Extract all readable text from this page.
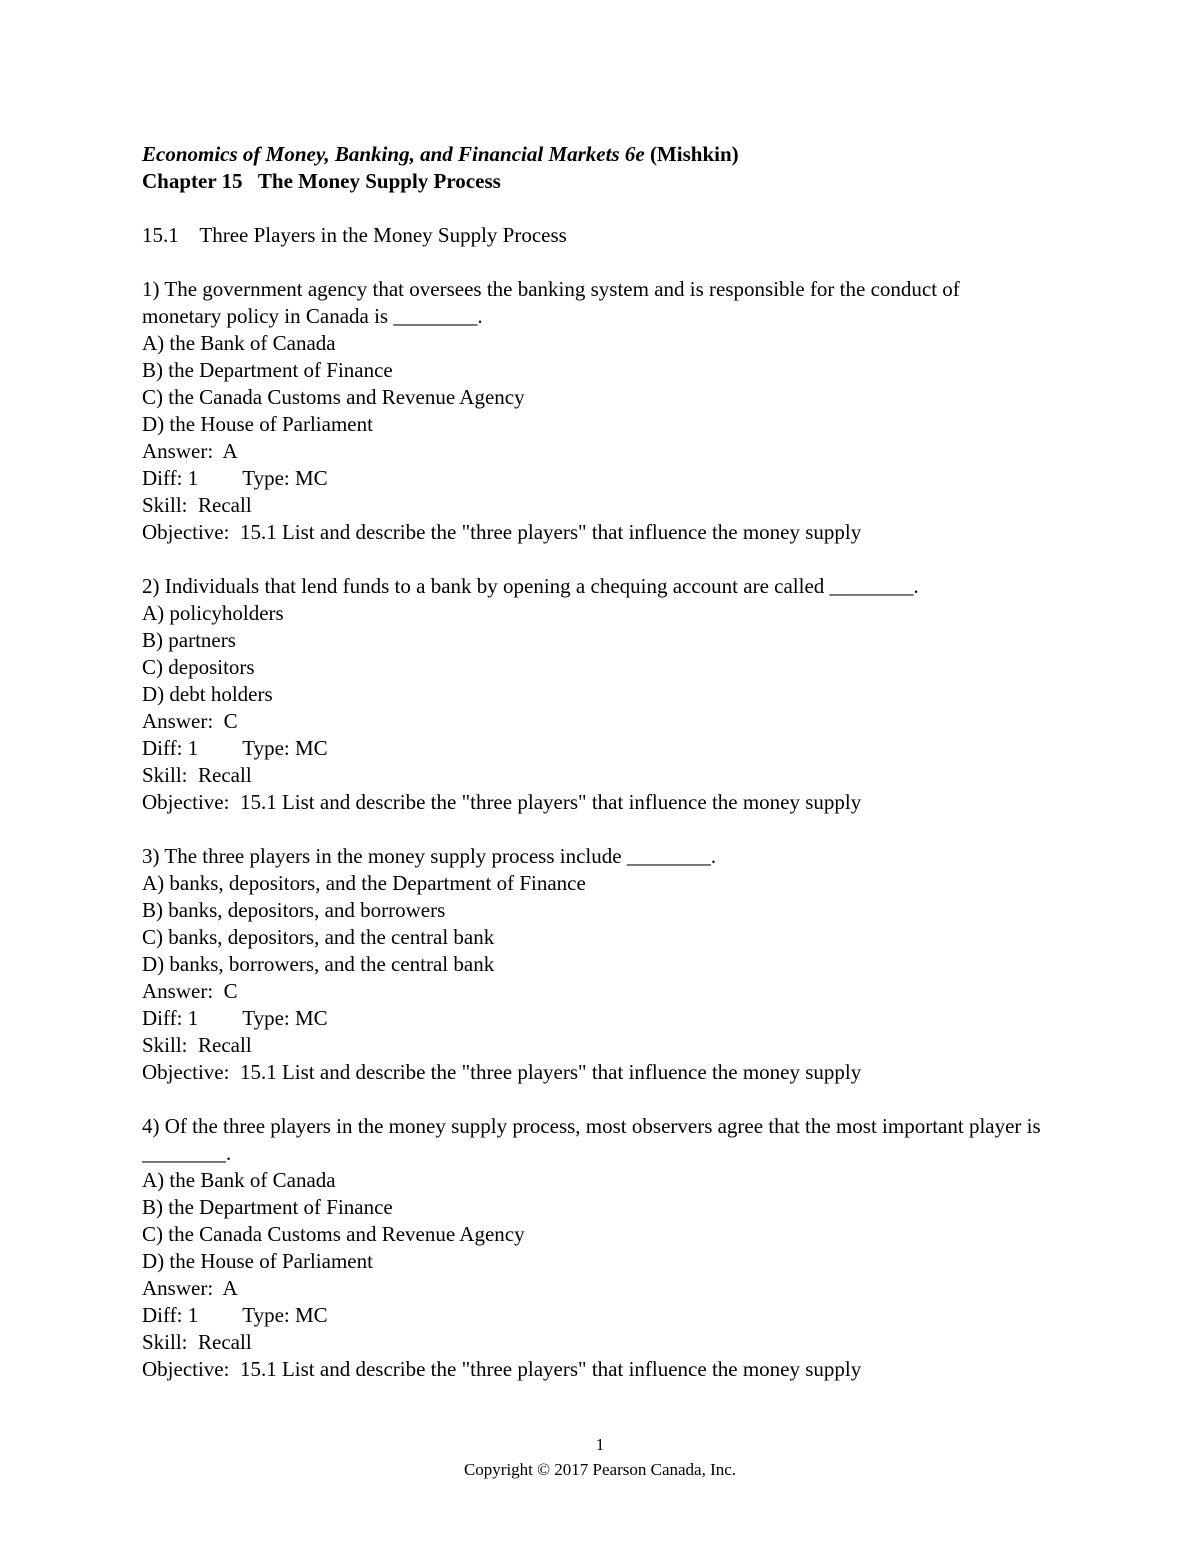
Economics of Money, Banking, and Financial Markets 6e (Mishkin)
Chapter 15   The Money Supply Process
15.1    Three Players in the Money Supply Process
1) The government agency that oversees the banking system and is responsible for the conduct of monetary policy in Canada is ________.
A) the Bank of Canada
B) the Department of Finance
C) the Canada Customs and Revenue Agency
D) the House of Parliament
Answer:  A
Diff: 1 Type: MC
Skill:  Recall
Objective:  15.1 List and describe the "three players" that influence the money supply
2) Individuals that lend funds to a bank by opening a chequing account are called ________.
A) policyholders
B) partners
C) depositors
D) debt holders
Answer:  C
Diff: 1 Type: MC
Skill:  Recall
Objective:  15.1 List and describe the "three players" that influence the money supply
3) The three players in the money supply process include ________.
A) banks, depositors, and the Department of Finance
B) banks, depositors, and borrowers
C) banks, depositors, and the central bank
D) banks, borrowers, and the central bank
Answer:  C
Diff: 1 Type: MC
Skill:  Recall
Objective:  15.1 List and describe the "three players" that influence the money supply
4) Of the three players in the money supply process, most observers agree that the most important player is ________.
A) the Bank of Canada
B) the Department of Finance
C) the Canada Customs and Revenue Agency
D) the House of Parliament
Answer:  A
Diff: 1 Type: MC
Skill:  Recall
Objective:  15.1 List and describe the "three players" that influence the money supply
1
Copyright © 2017 Pearson Canada, Inc.
